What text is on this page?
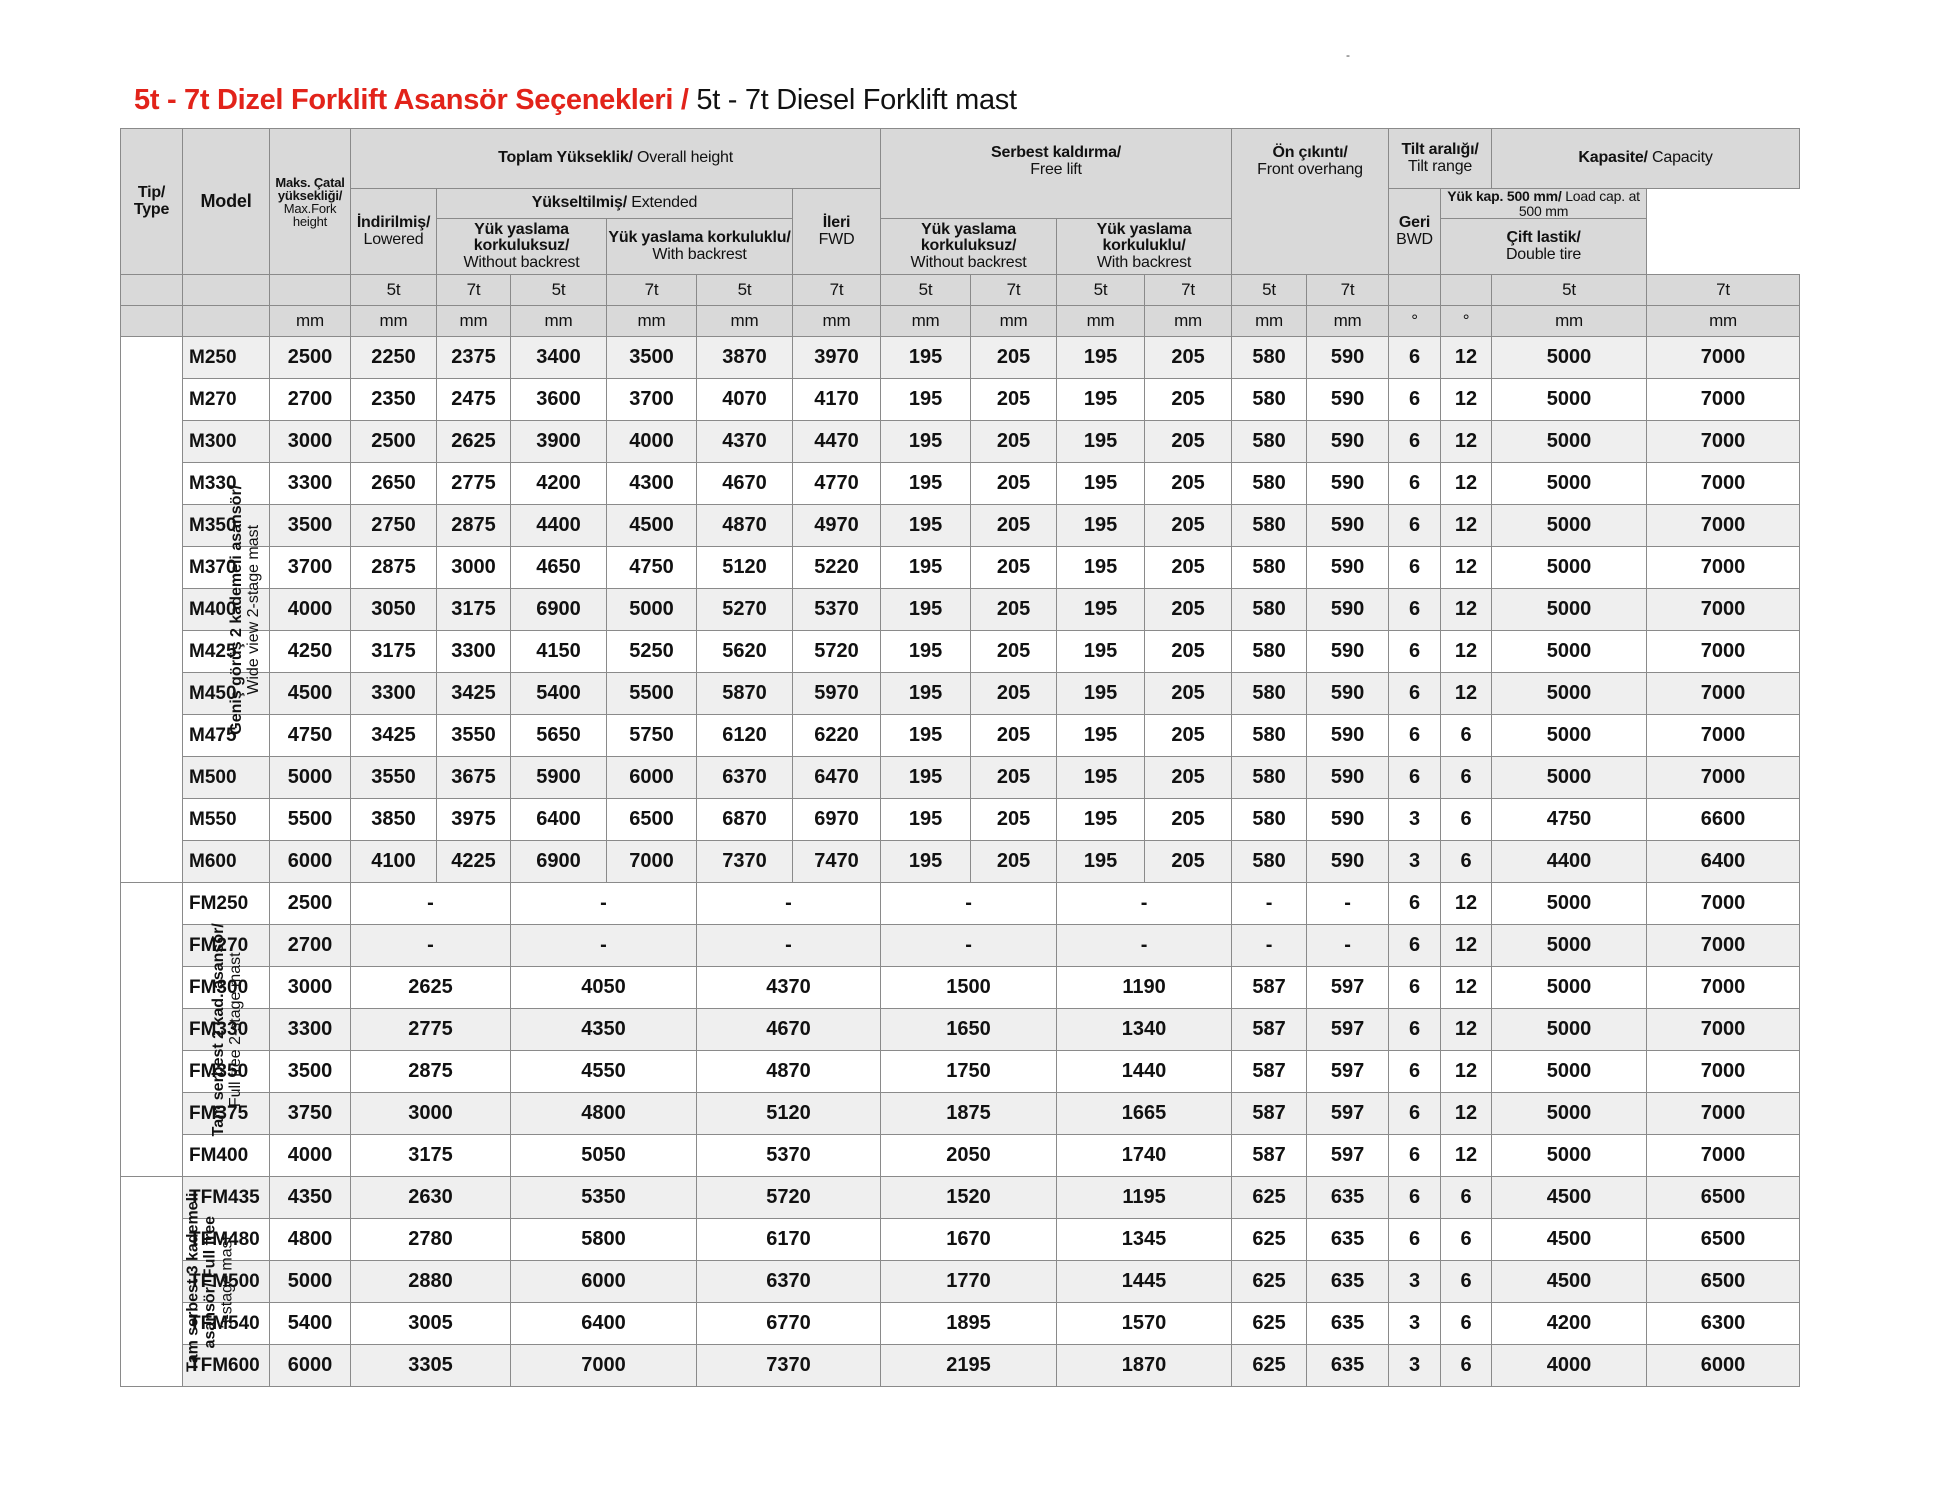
-
5t - 7t Dizel Forklift Asansör Seçenekleri / 5t - 7t Diesel Forklift mast
Tip/
Type	Model	Maks. Çatal yüksekliği/
Max.Fork height	Toplam Yükseklik/ Overall height						Serbest kaldırma/
Free lift				Ön çıkıntı/
Front overhang		Tilt aralığı/
Tilt range		Kapasite/ Capacity	
			İndirilmiş/
Lowered	Yükseltilmiş/ Extended				İleri
FWD							Geri
BWD	Yük kap. 500 mm/ Load cap. at 500 mm		
				Yük yaslama korkuluksuz/
Without backrest		Yük yaslama korkuluklu/
With backrest			Yük yaslama korkuluksuz/
Without backrest		Yük yaslama korkuluklu/
With backrest					Çift lastik/
Double tire		
			5t	7t	5t	7t	5t	7t	5t	7t	5t	7t	5t	7t			5t	7t
		mm	mm	mm	mm	mm	mm	mm	mm	mm	mm	mm	mm	mm	°	°	mm	mm
Geniş görüş 2 kademeli asansör/
Wide view 2-stage mast	M250	2500	2250	2375	3400	3500	3870	3970	195	205	195	205	580	590	6	12	5000	7000
	M270	2700	2350	2475	3600	3700	4070	4170	195	205	195	205	580	590	6	12	5000	7000
	M300	3000	2500	2625	3900	4000	4370	4470	195	205	195	205	580	590	6	12	5000	7000
	M330	3300	2650	2775	4200	4300	4670	4770	195	205	195	205	580	590	6	12	5000	7000
	M350	3500	2750	2875	4400	4500	4870	4970	195	205	195	205	580	590	6	12	5000	7000
	M370	3700	2875	3000	4650	4750	5120	5220	195	205	195	205	580	590	6	12	5000	7000
	M400	4000	3050	3175	6900	5000	5270	5370	195	205	195	205	580	590	6	12	5000	7000
	M425	4250	3175	3300	4150	5250	5620	5720	195	205	195	205	580	590	6	12	5000	7000
	M450	4500	3300	3425	5400	5500	5870	5970	195	205	195	205	580	590	6	12	5000	7000
	M475	4750	3425	3550	5650	5750	6120	6220	195	205	195	205	580	590	6	6	5000	7000
	M500	5000	3550	3675	5900	6000	6370	6470	195	205	195	205	580	590	6	6	5000	7000
	M550	5500	3850	3975	6400	6500	6870	6970	195	205	195	205	580	590	3	6	4750	6600
	M600	6000	4100	4225	6900	7000	7370	7470	195	205	195	205	580	590	3	6	4400	6400
Tam serbest 2 kad. asansör/
Full free 2-stage mast	FM250	2500	-		-		-		-		-		-	-	6	12	5000	7000
	FM270	2700	-		-		-		-		-		-	-	6	12	5000	7000
	FM300	3000	2625		4050		4370		1500		1190		587	597	6	12	5000	7000
	FM330	3300	2775		4350		4670		1650		1340		587	597	6	12	5000	7000
	FM350	3500	2875		4550		4870		1750		1440		587	597	6	12	5000	7000
	FM375	3750	3000		4800		5120		1875		1665		587	597	6	12	5000	7000
	FM400	4000	3175		5050		5370		2050		1740		587	597	6	12	5000	7000
Tam serbest 3 kademeli
asansör/ Full free
3-stage mast	TFM435	4350	2630		5350		5720		1520		1195		625	635	6	6	4500	6500
	TFM480	4800	2780		5800		6170		1670		1345		625	635	6	6	4500	6500
	TFM500	5000	2880		6000		6370		1770		1445		625	635	3	6	4500	6500
	TFM540	5400	3005		6400		6770		1895		1570		625	635	3	6	4200	6300
	TFM600	6000	3305		7000		7370		2195		1870		625	635	3	6	4000	6000
